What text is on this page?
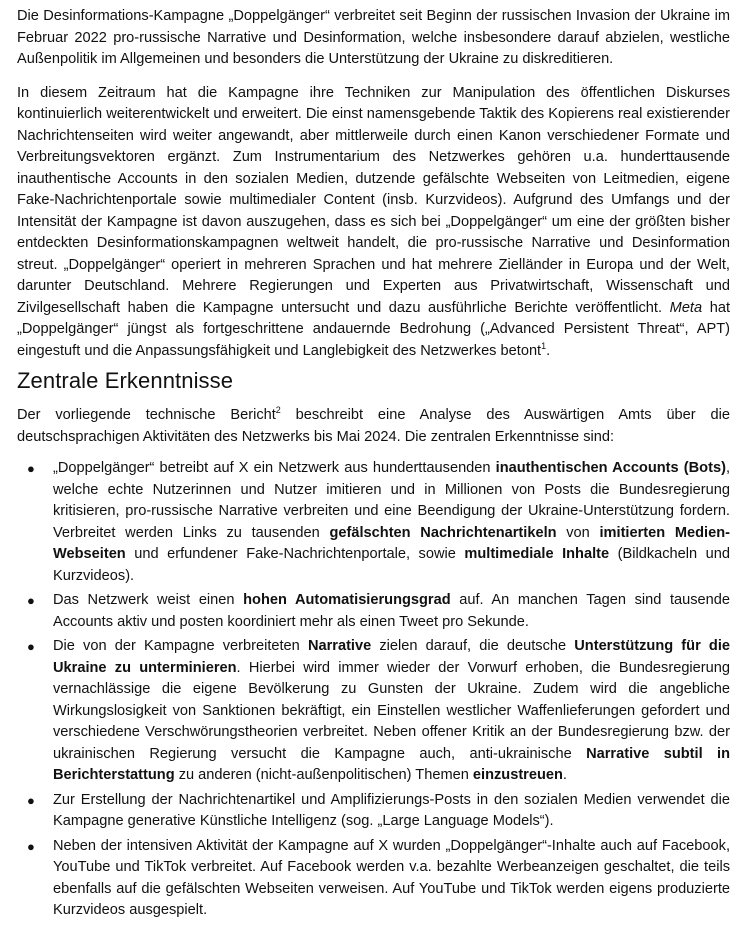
Die Desinformations-Kampagne „Doppelgänger“ verbreitet seit Beginn der russischen Invasion der Ukraine im Februar 2022 pro-russische Narrative und Desinformation, welche insbesondere darauf abzielen, westliche Außenpolitik im Allgemeinen und besonders die Unterstützung der Ukraine zu diskreditieren.

In diesem Zeitraum hat die Kampagne ihre Techniken zur Manipulation des öffentlichen Diskurses kontinuierlich weiterentwickelt und erweitert. Die einst namensgebende Taktik des Kopierens real existierender Nachrichtenseiten wird weiter angewandt, aber mittlerweile durch einen Kanon verschiedener Formate und Verbreitungsvektoren ergänzt. Zum Instrumentarium des Netzwerkes gehören u.a. hunderttausende inauthentische Accounts in den sozialen Medien, dutzende gefälschte Webseiten von Leitmedien, eigene Fake-Nachrichtenportale sowie multimedialer Content (insb. Kurzvideos). Aufgrund des Umfangs und der Intensität der Kampagne ist davon auszugehen, dass es sich bei „Doppelgänger“ um eine der größten bisher entdeckten Desinformationskampagnen weltweit handelt, die pro-russische Narrative und Desinformation streut. „Doppelgänger“ operiert in mehreren Sprachen und hat mehrere Zielländer in Europa und der Welt, darunter Deutschland. Mehrere Regierungen und Experten aus Privatwirtschaft, Wissenschaft und Zivilgesellschaft haben die Kampagne untersucht und dazu ausführliche Berichte veröffentlicht. Meta hat „Doppelgänger“ jüngst als fortgeschrittene andauernde Bedrohung („Advanced Persistent Threat“, APT) eingestuft und die Anpassungsfähigkeit und Langlebigkeit des Netzwerkes betont$^1$.

Zentrale Erkenntnisse

Der vorliegende technische Bericht$^2$ beschreibt eine Analyse des Auswärtigen Amts über die deutschsprachigen Aktivitäten des Netzwerks bis Mai 2024. Die zentralen Erkenntnisse sind:

● „Doppelgänger“ betreibt auf X ein Netzwerk aus hunderttausenden inauthentischen Accounts (Bots), welche echte Nutzerinnen und Nutzer imitieren und in Millionen von Posts die Bundesregierung kritisieren, pro-russische Narrative verbreiten und eine Beendigung der Ukraine-Unterstützung fordern. Verbreitet werden Links zu tausenden gefälschten Nachrichtenartikeln von imitierten Medien-Webseiten und erfundener Fake-Nachrichtenportale, sowie multimediale Inhalte (Bildkacheln und Kurzvideos).
● Das Netzwerk weist einen hohen Automatisierungsgrad auf. An manchen Tagen sind tausende Accounts aktiv und posten koordiniert mehr als einen Tweet pro Sekunde.
● Die von der Kampagne verbreiteten Narrative zielen darauf, die deutsche Unterstützung für die Ukraine zu unterminieren. Hierbei wird immer wieder der Vorwurf erhoben, die Bundesregierung vernachlässige die eigene Bevölkerung zu Gunsten der Ukraine. Zudem wird die angebliche Wirkungslosigkeit von Sanktionen bekräftigt, ein Einstellen westlicher Waffenlieferungen gefordert und verschiedene Verschwörungstheorien verbreitet. Neben offener Kritik an der Bundesregierung bzw. der ukrainischen Regierung versucht die Kampagne auch, anti-ukrainische Narrative subtil in Berichterstattung zu anderen (nicht-außenpolitischen) Themen einzustreuen.
● Zur Erstellung der Nachrichtenartikel und Amplifizierungs-Posts in den sozialen Medien verwendet die Kampagne generative Künstliche Intelligenz (sog. „Large Language Models“).
● Neben der intensiven Aktivität der Kampagne auf X wurden „Doppelgänger“-Inhalte auch auf Facebook, YouTube und TikTok verbreitet. Auf Facebook werden v.a. bezahlte Werbeanzeigen geschaltet, die teils ebenfalls auf die gefälschten Webseiten verweisen. Auf YouTube und TikTok werden eigens produzierte Kurzvideos ausgespielt.
